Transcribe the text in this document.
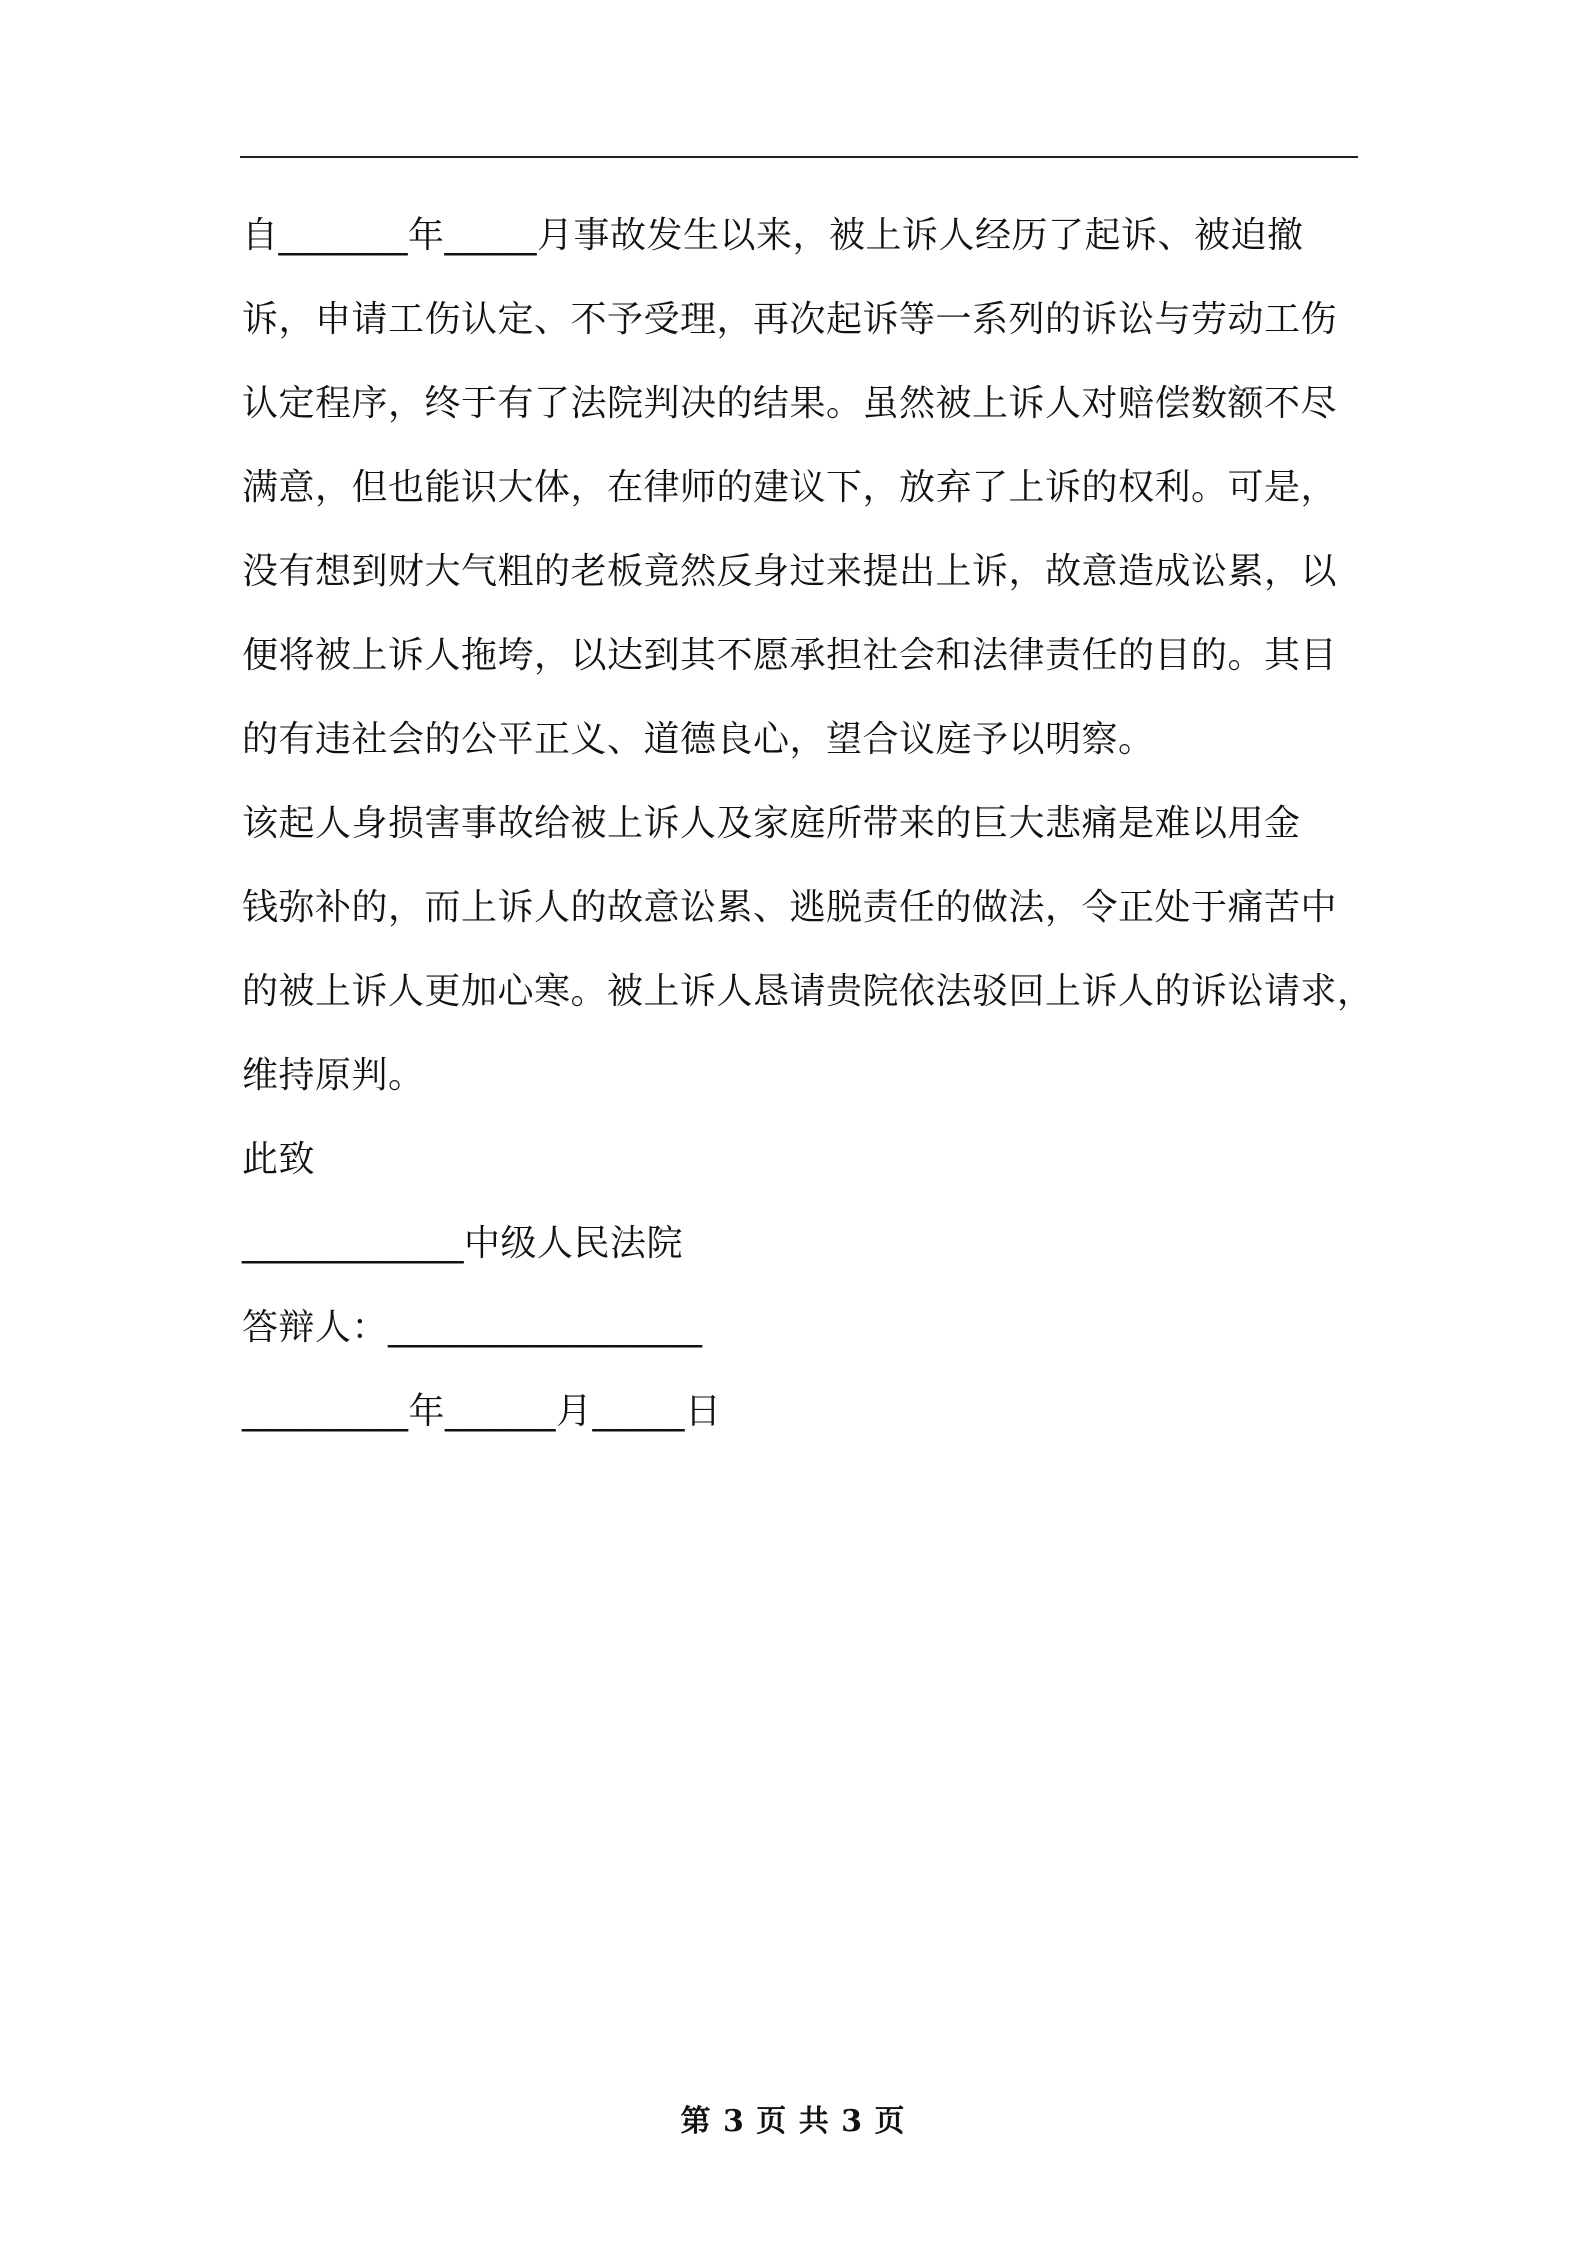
自_______年_____月事故发生以来，被上诉人经历了起诉、被迫撤
诉，申请工伤认定、不予受理，再次起诉等一系列的诉讼与劳动工伤
认定程序，终于有了法院判决的结果。虽然被上诉人对赔偿数额不尽
满意，但也能识大体，在律师的建议下，放弃了上诉的权利。可是，
没有想到财大气粗的老板竟然反身过来提出上诉，故意造成讼累，以
便将被上诉人拖垮，以达到其不愿承担社会和法律责任的目的。其目
的有违社会的公平正义、道德良心，望合议庭予以明察。
该起人身损害事故给被上诉人及家庭所带来的巨大悲痛是难以用金
钱弥补的，而上诉人的故意讼累、逃脱责任的做法，令正处于痛苦中
的被上诉人更加心寒。被上诉人恳请贵院依法驳回上诉人的诉讼请求，
维持原判。
此致
____________中级人民法院
答辩人：_________________
_________年______月_____日
第 3 页 共 3 页
